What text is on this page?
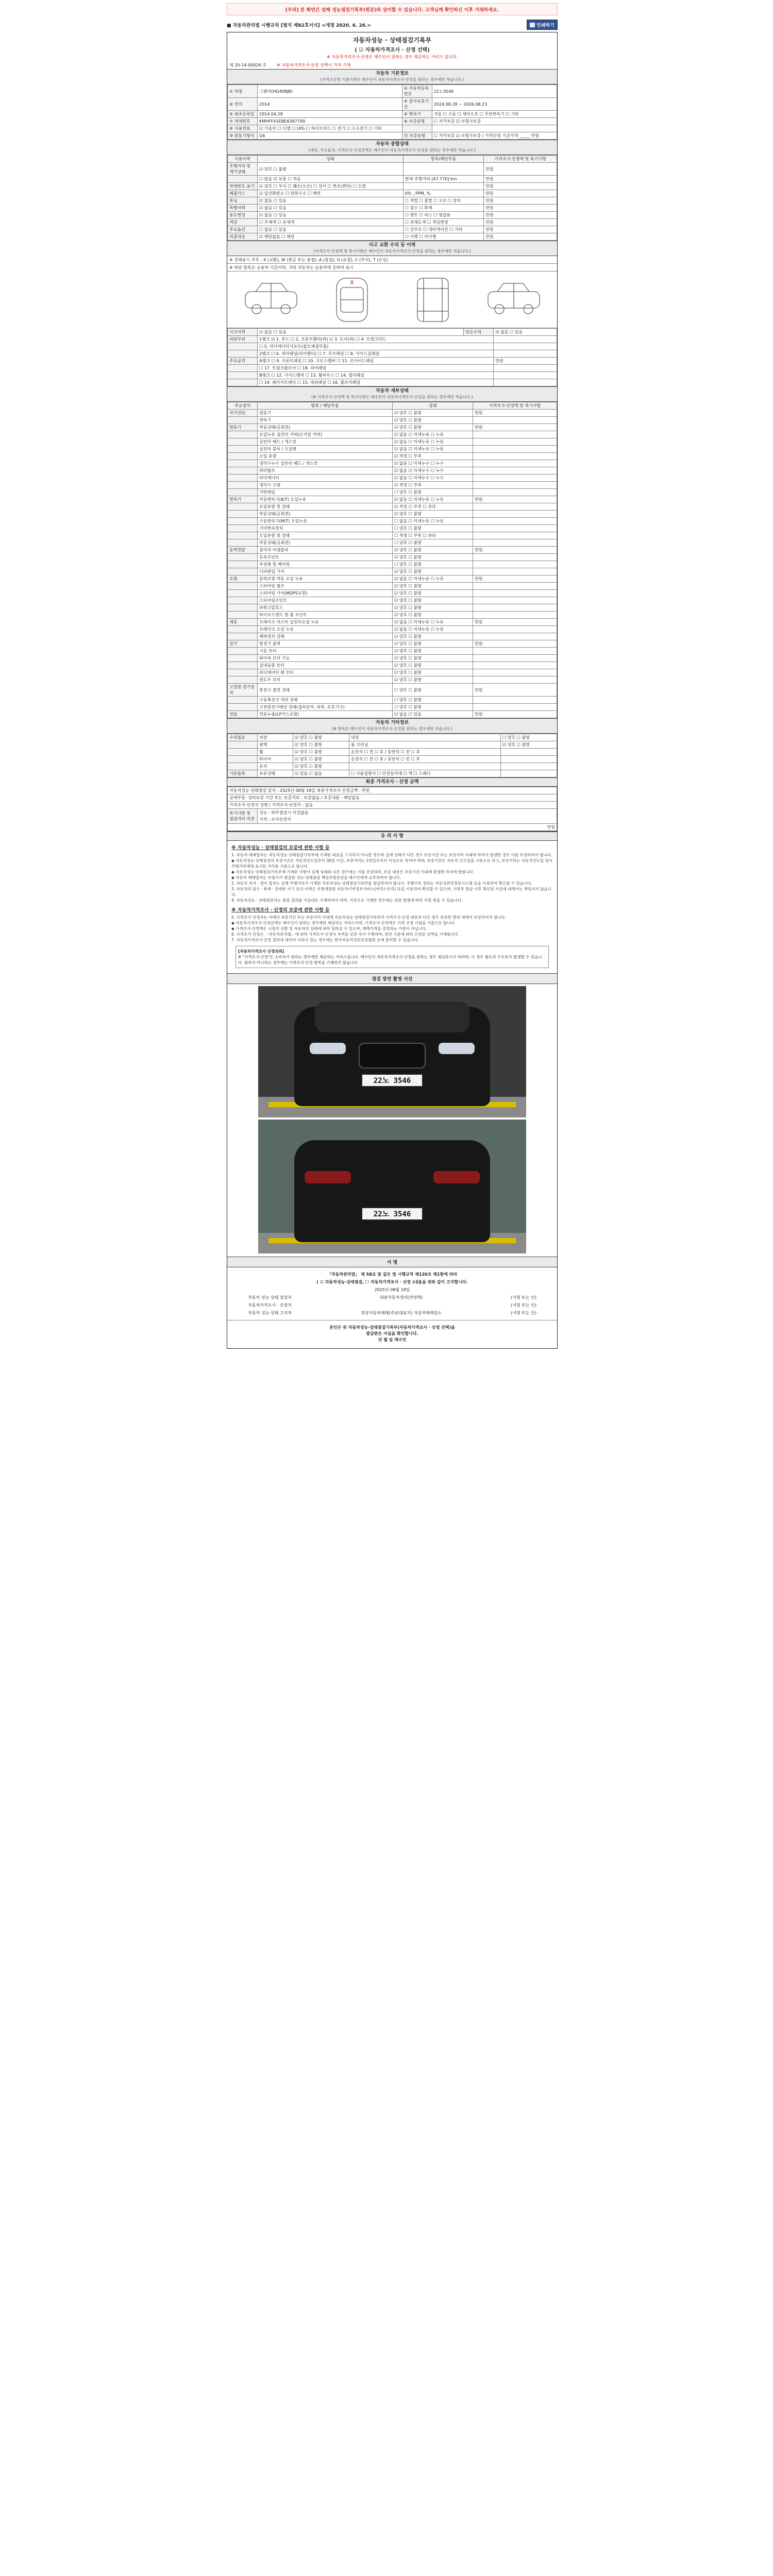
[주의] 본 화면은 설해 성능점검기록부(원본)와 상이할 수 있습니다. 고객님께 확인하신 이후 거래하세요.
■ 자동차관리법 시행규칙 [별지 제82호서식] <개정 2020. 6. 26.>	인쇄하기
자동차성능 · 상태점검기록부
( ☑ 자동차가격조사 · 산정 선택)
※ 자동차가격조사·산정은 매수인이 원하는 경우 제공하는 서비스 입니다.
제 20-14-00026 호	※ 자동차가격조사·산정 선택시 가격 기재
자동차 기본정보
(가격조산정 기준가격은 매수인이 자동차가격조사·산정을 원하는 경우에만 적습니다.)
① 차명	그랜저(HG40BJB)	② 자동차등록번호	22노3546
③ 연식	2014	④ 검사유효기간	2024.08.28 ~ 2026.08.23
⑤ 최초등록일	2014.04.28	⑥ 변속기	자동 ☐ 수동 ☐ 세미오토 ☐ 무단변속기 ☐ 기타
⑦ 차대번호	KMHFF41EBEA387709	⑧ 보증유형	☐ 자가보증 ☑ 보험사보증
⑨ 사용연료	☑ 가솔린 ☐ 디젤 ☐ LPG ☐ 하이브리드 ☐ 전기 ☐ 수소전기 ☐ 기타		
⑩ 원동기형식	G6	⑪ 보증유형	☐ 자가보증 ☑ 보험사보증 / 가격산정 기준가격 _____ 만원
자동차 종합상태
(색상, 주요옵션, 가격조사·산정금액은 매수인이 자동차가격조사·산정을 원하는 경우에만 적습니다.)
사용이력	상태	항목/해당부품	가격조사·산정액 및 특기사항
주행거리 및 계기상태	☑ 양호 ☐ 불량		만원
	☐ 많음 ☑ 보통 ☐ 적음	현재 주행거리 [47,770] km	만원
차대번호 표기	☑ 양호 ☐ 부식 ☐ 훼손(오손) ☐ 상이 ☐ 변조(변타) ☐ 도말		만원
배출가스	☑ 일산화탄소 ☐ 탄화수소 ☐ 매연	0% , PPM, %	만원
튜닝	☑ 없음 ☐ 있음	☐ 적법 ☐ 불법 ☐ 구조 ☐ 장치	만원
특별이력	☑ 없음 ☐ 있음	☐ 침수 ☐ 화재	만원
용도변경	☑ 없음 ☐ 있음	☐ 렌트 ☐ 리스 ☐ 영업용	만원
색상	☐ 무채색 ☐ 유채색	☐ 전체도색 ☐ 색상변경	만원
주요옵션	☐ 없음 ☐ 있음	☐ 선루프 ☐ 네비게이션 ☐ 기타	만원
리콜대상	☑ 해당없음 ☐ 해당	☐ 이행 ☐ 미이행	만원
사고 교환 수리 등 이력
(가격조사·산정액 및 특기사항은 매수인이 자동차가격조사·산정을 원하는 경우에만 적습니다.)
※ 상태표시 부호 : X (교환), W (판금 또는 용접), A (흠집), U (요철), C (부식), T (손상)
※ 하단 항목은 승용차 기준이며, 기타 자동차는 승용차에 준하여 표시
X
사고이력	☑ 없음 ☐ 있음	단순수리	☑ 없음 ☐ 있음
외판부위	1랭크 ☑ 1. 후드 ☐ 2. 프론트휀더(좌) ☑ 3. 도어(좌) ☐ 4. 트렁크리드		
	☐ 5. 라디에이터서포트(볼트체결부품)		
	2랭크 ☐ 6. 쿼터패널(리어펜더) ☐ 7. 루프패널 ☐ 8. 사이드실패널		
주요골격	A랭크 ☐ 9. 프론트패널 ☐ 10. 크로스멤버 ☐ 11. 인사이드패널		만원
	☐ 17. 트렁크플로어 ☐ 18. 리어패널		
	B랭크 ☐ 12. 사이드멤버 ☐ 13. 휠하우스 ☐ 14. 필러패널		
	☐ 19. 패키지트레이 ☐ 15. 대쉬패널 ☐ 16. 플로어패널		
자동차 세부상태
(※ 가격조사·산정액 및 특기사항은 매수인이 자동차가격조사·산정을 원하는 경우에만 적습니다.)
주요장치	항목 / 해당부품	상태	가격조사·산정액 및 특기사항
자기진단	원동기	☑ 양호 ☐ 불량	만원
	변속기	☑ 양호 ☐ 불량	
원동기	작동상태(공회전)	☑ 양호 ☐ 불량	만원
	오일누유 실린더 커버(로커암 커버)	☑ 없음 ☐ 미세누유 ☐ 누유	
	실린더 헤드 / 개스킷	☑ 없음 ☐ 미세누유 ☐ 누유	
	실린더 블록 / 오일팬	☑ 없음 ☐ 미세누유 ☐ 누유	
	오일 유량	☑ 적정 ☐ 부족	
	냉각수누수 실린더 헤드 / 개스킷	☑ 없음 ☐ 미세누수 ☐ 누수	
	워터펌프	☑ 없음 ☐ 미세누수 ☐ 누수	
	라디에이터	☑ 없음 ☐ 미세누수 ☐ 누수	
	냉각수 수량	☑ 적정 ☐ 부족	
	커먼레일	☐ 양호 ☐ 불량	
변속기	자동변속기(A/T) 오일누유	☑ 없음 ☐ 미세누유 ☐ 누유	만원
	오일유량 및 상태	☑ 적정 ☐ 부족 ☐ 과다	
	작동상태(공회전)	☑ 양호 ☐ 불량	
	수동변속기(M/T) 오일누유	☐ 없음 ☐ 미세누유 ☐ 누유	
	기어변속장치	☐ 양호 ☐ 불량	
	오일유량 및 상태	☐ 적정 ☐ 부족 ☐ 과다	
	작동상태(공회전)	☐ 양호 ☐ 불량	
동력전달	클러치 어셈블리	☑ 양호 ☐ 불량	만원
	등속조인트	☑ 양호 ☐ 불량	
	추진축 및 베어링	☐ 양호 ☐ 불량	
	디퍼렌셜 기어	☑ 양호 ☐ 불량	
조향	동력조향 작동 오일 누유	☑ 없음 ☐ 미세누유 ☐ 누유	만원
	스티어링 펌프	☑ 양호 ☐ 불량	
	스티어링 기어(MDPS포함)	☑ 양호 ☐ 불량	
	스티어링조인트	☑ 양호 ☐ 불량	
	파워고압호스	☑ 양호 ☐ 불량	
	타이로드엔드 및 볼 조인트	☑ 양호 ☐ 불량	
제동	브레이크 마스터 실린더오일 누유	☑ 없음 ☐ 미세누유 ☐ 누유	만원
	브레이크 오일 누유	☑ 없음 ☐ 미세누유 ☐ 누유	
	배력장치 상태	☑ 양호 ☐ 불량	
전기	발전기 출력	☑ 양호 ☐ 불량	만원
	시동 모터	☑ 양호 ☐ 불량	
	와이퍼 모터 기능	☑ 양호 ☐ 불량	
	실내송풍 모터	☑ 양호 ☐ 불량	
	라디에이터 팬 모터	☑ 양호 ☐ 불량	
	윈도우 모터	☑ 양호 ☐ 불량	
고전원 전기장치	충전구 절연 상태	☐ 양호 ☐ 불량	만원
	구동축전지 격리 상태	☐ 양호 ☐ 불량	
	고전원전기배선 상태(접속단자, 피복, 보호기구)	☐ 양호 ☐ 불량	
연료	연료누출(LP가스포함)	☑ 없음 ☐ 있음	만원
자동차 기타정보
(※ 항목은 매수인이 자동차가격조사·산정을 원하는 경우에만 적습니다.)
수리필요	외장	☑ 양호 ☐ 불량	내장	☐ 양호 ☐ 불량
	광택	☑ 양호 ☐ 불량	룸 크리닝	☑ 양호 ☐ 불량
	휠	☑ 양호 ☐ 불량	운전석 ☐ 전 ☐ 후 / 동반석 ☐ 전 ☐ 후	
	타이어	☑ 양호 ☐ 불량	운전석 ☐ 전 ☐ 후 / 동반석 ☐ 전 ☐ 후	
	유리	☑ 양호 ☐ 불량		
기본품목	보유상태	☑ 있음 ☐ 없음	☐ 사용설명서 ☐ 안전삼각대 ☐ 잭 ☐ 스패너	
최종 가격조사 · 산정 금액
자동차성능·상태점검 일자 : 2025년 08월 19일 최종가격조사·산정금액 : 만원
상세부분: 정비보증 기간 또는 보증거리 : 보증없음 / 보증내용 : 해당없음
가격조사·산정자 성명 / 가격조사·산정자 : 없음
특기사항 및 점검자의 의견	
성능 : 하부점검시 이상없음
가격 : 조사산정자

만원
유 의 사 항
※ 자동차성능 · 상태점검의 보증에 관한 사항 등

1. 자동차 매매업자는 자동차성능·상태점검기록부에 기재된 내용을 고지하지 아니한 경우와 실제 상태가 다른 경우 보증기간 또는 보증거리 이내에 하자가 발생한 경우 이를 보상하여야 합니다.

◆ 자동차성능·상태점검의 보증기간은 자동차인도일부터 30일 이상, 보증거리는 2천킬로미터 이상으로 하여야 하며, 보증기간은 자동차 인도일을 기준으로 하고, 보증거리는 자동차인도일 당시 주행거리계에 표시된 거리를 기준으로 합니다.

◆ 자동차성능·상태점검기록부에 기재된 사항이 실제 상태와 다른 경우에는 이를 보상하며, 보증 내용은 보증기간 이내에 발생한 하자에 한합니다.

◆ 자동차 매매업자는 보험사가 발급한 성능·상태점검 책임보험증권을 매수인에게 교부하여야 합니다.

2. 자동차 자가 · 정비 업자는 실제 주행거리가 기재된 자동차성능·상태점검기록부를 발급하여야 합니다. 주행거리 정보는 자동차관리정보시스템 등을 이용하여 확인할 수 있습니다.

3. 자동차의 침수 · 화재 · 중대한 사고 등의 이력은 보험개발원 자동차이력정보서비스(카히스토리) 등을 이용하여 확인할 수 있으며, 기록부 발급 이후 확인된 사실에 대해서는 책임지지 않습니다.

4. 자동차성능 · 상태점검자는 점검 결과를 사실대로 기재하여야 하며, 거짓으로 기재한 경우에는 관련 법령에 따라 처벌 받을 수 있습니다.

※ 자동차가격조사 · 산정의 보증에 관한 사항 등

5. 가격조사·산정자는 아래의 보증기간 또는 보증거리 이내에 자동차성능·상태점검기록부의 가격조사·산정 내용과 다른 경우 보증한 범위 내에서 보상하여야 합니다.

◆ 자동차가격조사·산정금액은 매수인이 원하는 경우에만 제공하는 서비스이며, 가격조사·산정액은 가격 산정 시점을 기준으로 합니다.

◆ 가격조사·산정액은 시장의 상황 및 자동차의 상태에 따라 달라질 수 있으며, 매매가격을 결정하는 기준이 아닙니다.

6. 가격조사·산정은 「자동차관리법」에 따라 가격조사·산정자 자격을 갖춘 자가 수행하며, 관련 기준에 따라 산정된 금액을 기재합니다.

7. 자동차가격조사·산정 결과에 대하여 이의가 있는 경우에는 한국자동차진단보증협회 등에 문의할 수 있습니다.

[자동차가격조사 산정의뢰]
※ "가격조사·산정"은 소비자가 원하는 경우에만 제공하는 서비스입니다. 매수인이 자동차가격조사·산정을 원하는 경우 체크하시기 바라며, 이 경우 별도의 수수료가 발생할 수 있습니다. 원하지 아니하는 경우에는 가격조사·산정 항목을 기재하지 않습니다.
점검 장면 촬영 사진
22노 3546
22노 3546
서 명
「자동차관리법」 제 58조 및 같은 법 시행규칙 제120조 제1항에 따라
( ☑ 자동차성능·상태점검, ☐ 자동차가격조사 · 산정 )내용을 위와 같이 고지합니다.
2025년 08월 19일
자동차 성능·상태 점검자	대광자동차정비(전영택)	(서명 또는 인)
자동차가격조사 · 산정자	(서명 또는 인)
자동차 성능·상태 고지자	경상자동차매매(주)/(대표자) 자동차매매업소	(서명 또는 인)
본인은 위 자동차성능·상태점검기록부(자동차가격조사 · 산정 선택)을
발급받은 사실을 확인합니다.
년 월 일 매수인
